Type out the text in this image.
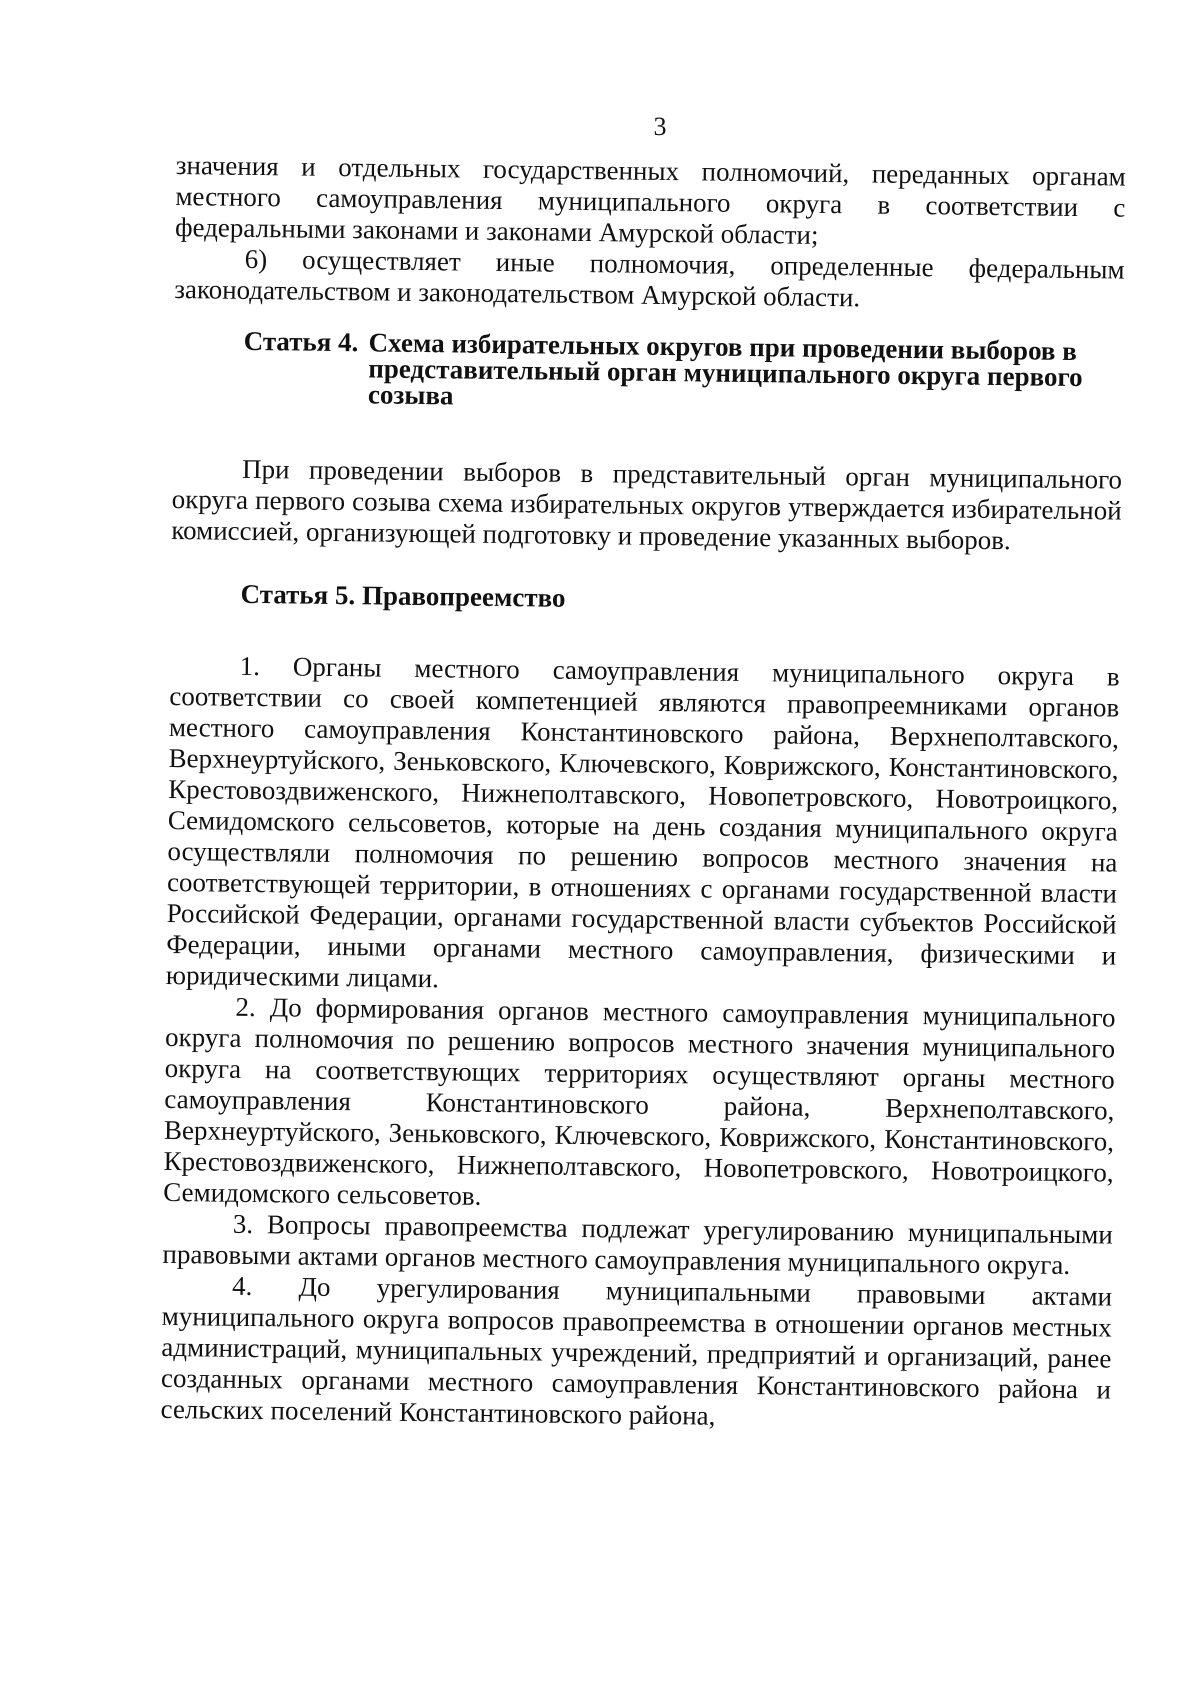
3

значения и отдельных государственных полномочий, переданных органам местного самоуправления муниципального округа в соответствии с федеральными законами и законами Амурской области;

6) осуществляет иные полномочия, определенные федеральным законодательством и законодательством Амурской области.

Статья 4. Схема избирательных округов при проведении выборов в представительный орган муниципального округа первого созыва

При проведении выборов в представительный орган муниципального округа первого созыва схема избирательных округов утверждается избирательной комиссией, организующей подготовку и проведение указанных выборов.

Статья 5. Правопреемство

1. Органы местного самоуправления муниципального округа в соответствии со своей компетенцией являются правопреемниками органов местного самоуправления Константиновского района, Верхнеполтавского, Верхнеуртуйского, Зеньковского, Ключевского, Коврижского, Константиновского, Крестовоздвиженского, Нижнеполтавского, Новопетровского, Новотроицкого, Семидомского сельсоветов, которые на день создания муниципального округа осуществляли полномочия по решению вопросов местного значения на соответствующей территории, в отношениях с органами государственной власти Российской Федерации, органами государственной власти субъектов Российской Федерации, иными органами местного самоуправления, физическими и юридическими лицами.

2. До формирования органов местного самоуправления муниципального округа полномочия по решению вопросов местного значения муниципального округа на соответствующих территориях осуществляют органы местного самоуправления Константиновского района, Верхнеполтавского, Верхнеуртуйского, Зеньковского, Ключевского, Коврижского, Константиновского, Крестовоздвиженского, Нижнеполтавского, Новопетровского, Новотроицкого, Семидомского сельсоветов.

3. Вопросы правопреемства подлежат урегулированию муниципальными правовыми актами органов местного самоуправления муниципального округа.

4. До урегулирования муниципальными правовыми актами муниципального округа вопросов правопреемства в отношении органов местных администраций, муниципальных учреждений, предприятий и организаций, ранее созданных органами местного самоуправления Константиновского района и сельских поселений Константиновского района,
